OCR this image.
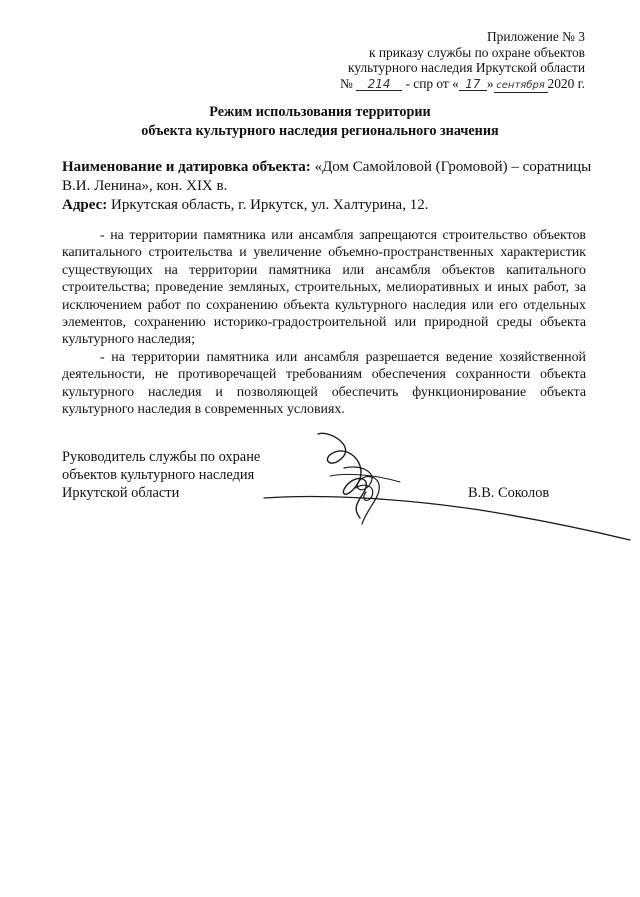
Приложение № 3
к приказу службы по охране объектов
культурного наследия Иркутской области
№ 214 - спр от « 17 » сентября 2020 г.
Режим использования территории
объекта культурного наследия регионального значения
Наименование и датировка объекта: «Дом Самойловой (Громовой) – соратницы
В.И. Ленина», кон. XIX в.
Адрес: Иркутская область, г. Иркутск, ул. Халтурина, 12.

- на территории памятника или ансамбля запрещаются строительство объектов капитального строительства и увеличение объемно-пространственных характеристик существующих на территории памятника или ансамбля объектов капитального строительства; проведение земляных, строительных, мелиоративных и иных работ, за исключением работ по сохранению объекта культурного наследия или его отдельных элементов, сохранению историко-градостроительной или природной среды объекта культурного наследия;

- на территории памятника или ансамбля разрешается ведение хозяйственной деятельности, не противоречащей требованиям обеспечения сохранности объекта культурного наследия и позволяющей обеспечить функционирование объекта культурного наследия в современных условиях.

Руководитель службы по охране
объектов культурного наследия
Иркутской области	В.В. Соколов
